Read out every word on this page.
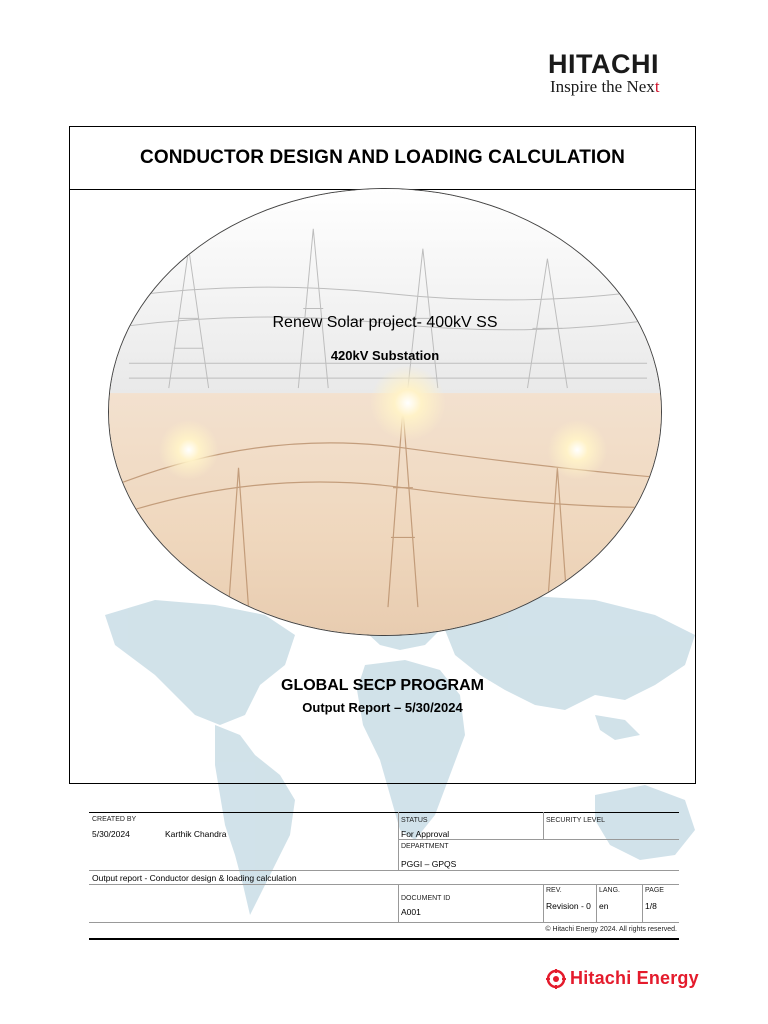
HITACHI
Inspire the Next
CONDUCTOR DESIGN AND LOADING CALCULATION
Renew Solar project- 400kV SS
420kV Substation
GLOBAL SECP PROGRAM
Output Report – 5/30/2024
CREATED BY
5/30/2024	Karthik Chandra
STATUS
For Approval
SECURITY LEVEL
DEPARTMENT
PGGI – GPQS
Output report - Conductor design & loading calculation
DOCUMENT ID
A001
REV.
Revision - 0
LANG.
en
PAGE
1/8
© Hitachi Energy 2024. All rights reserved.
Hitachi Energy
